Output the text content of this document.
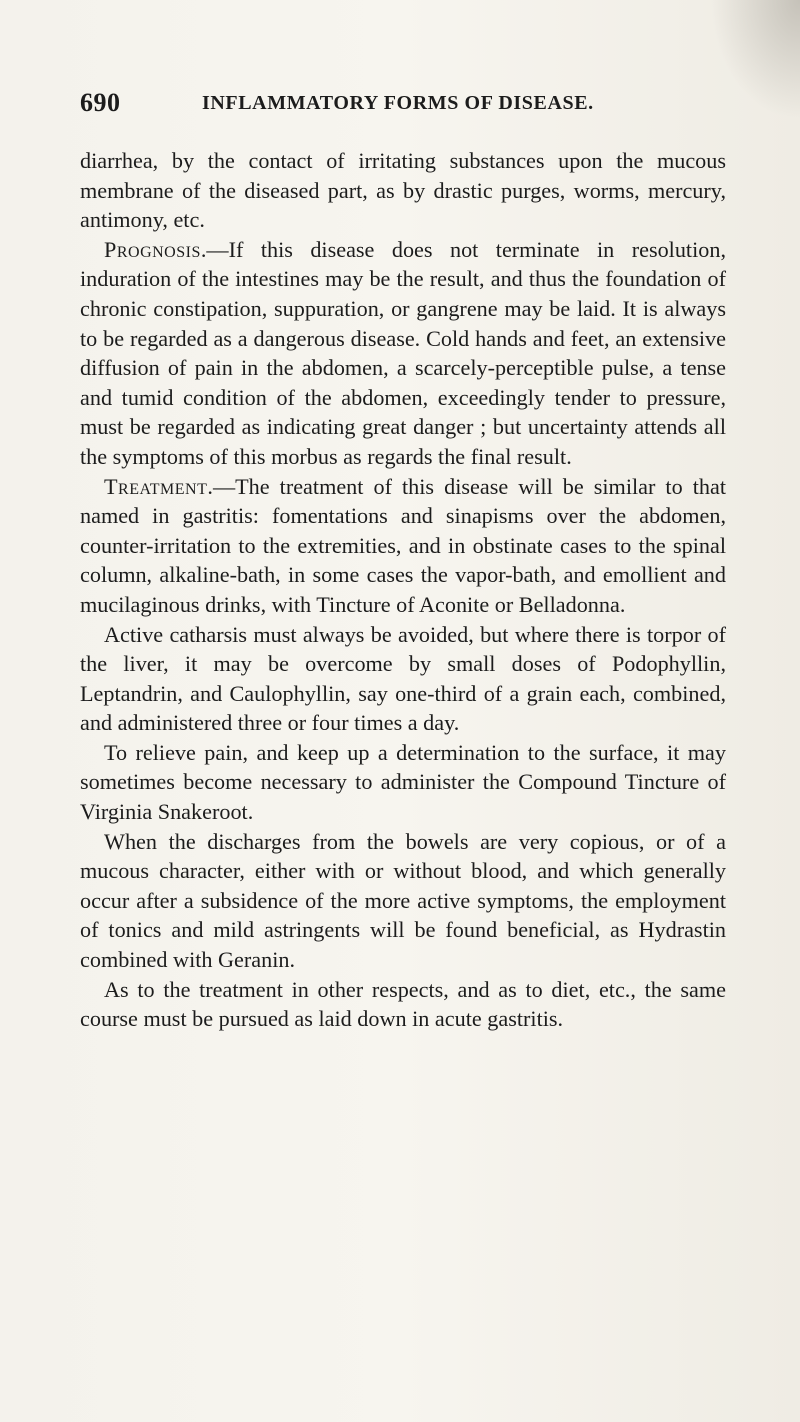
690	INFLAMMATORY FORMS OF DISEASE.

diarrhea, by the contact of irritating substances upon the mucous membrane of the diseased part, as by drastic purges, worms, mercury, antimony, etc.

Prognosis.—If this disease does not terminate in resolution, induration of the intestines may be the result, and thus the foundation of chronic constipation, suppuration, or gangrene may be laid. It is always to be regarded as a dangerous disease. Cold hands and feet, an extensive diffusion of pain in the abdomen, a scarcely-perceptible pulse, a tense and tumid condition of the abdomen, exceedingly tender to pressure, must be regarded as indicating great danger ; but uncertainty attends all the symptoms of this morbus as regards the final result.

Treatment.—The treatment of this disease will be similar to that named in gastritis: fomentations and sinapisms over the abdomen, counter-irritation to the extremities, and in obstinate cases to the spinal column, alkaline-bath, in some cases the vapor-bath, and emollient and mucilaginous drinks, with Tincture of Aconite or Belladonna.

Active catharsis must always be avoided, but where there is torpor of the liver, it may be overcome by small doses of Podophyllin, Leptandrin, and Caulophyllin, say one-third of a grain each, combined, and administered three or four times a day.

To relieve pain, and keep up a determination to the surface, it may sometimes become necessary to administer the Compound Tincture of Virginia Snakeroot.

When the discharges from the bowels are very copious, or of a mucous character, either with or without blood, and which generally occur after a subsidence of the more active symptoms, the employment of tonics and mild astringents will be found beneficial, as Hydrastin combined with Geranin.

As to the treatment in other respects, and as to diet, etc., the same course must be pursued as laid down in acute gastritis.
